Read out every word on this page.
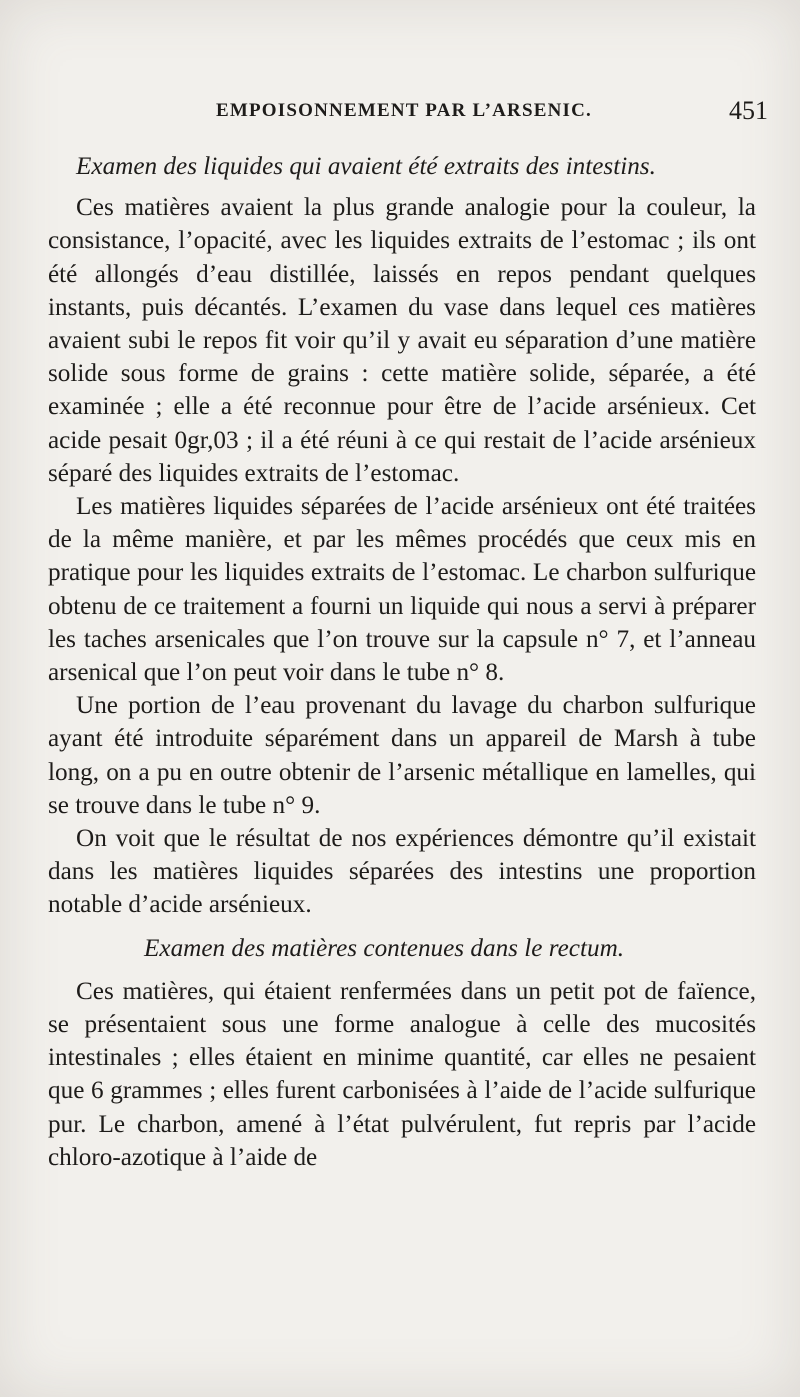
EMPOISONNEMENT PAR L’ARSENIC.	451
Examen des liquides qui avaient été extraits des intestins.

Ces matières avaient la plus grande analogie pour la couleur, la consistance, l’opacité, avec les liquides extraits de l’estomac ; ils ont été allongés d’eau distillée, laissés en repos pendant quelques instants, puis décantés. L’examen du vase dans lequel ces matières avaient subi le repos fit voir qu’il y avait eu séparation d’une matière solide sous forme de grains : cette matière solide, séparée, a été examinée ; elle a été reconnue pour être de l’acide arsénieux. Cet acide pesait 0gr,03 ; il a été réuni à ce qui restait de l’acide arsénieux séparé des liquides extraits de l’estomac.

Les matières liquides séparées de l’acide arsénieux ont été traitées de la même manière, et par les mêmes procédés que ceux mis en pratique pour les liquides extraits de l’estomac. Le charbon sulfurique obtenu de ce traitement a fourni un liquide qui nous a servi à préparer les taches arsenicales que l’on trouve sur la capsule n° 7, et l’anneau arsenical que l’on peut voir dans le tube n° 8.

Une portion de l’eau provenant du lavage du charbon sulfurique ayant été introduite séparément dans un appareil de Marsh à tube long, on a pu en outre obtenir de l’arsenic métallique en lamelles, qui se trouve dans le tube n° 9.

On voit que le résultat de nos expériences démontre qu’il existait dans les matières liquides séparées des intestins une proportion notable d’acide arsénieux.

Examen des matières contenues dans le rectum.

Ces matières, qui étaient renfermées dans un petit pot de faïence, se présentaient sous une forme analogue à celle des mucosités intestinales ; elles étaient en minime quantité, car elles ne pesaient que 6 grammes ; elles furent carbonisées à l’aide de l’acide sulfurique pur. Le charbon, amené à l’état pulvérulent, fut repris par l’acide chloro-azotique à l’aide de
